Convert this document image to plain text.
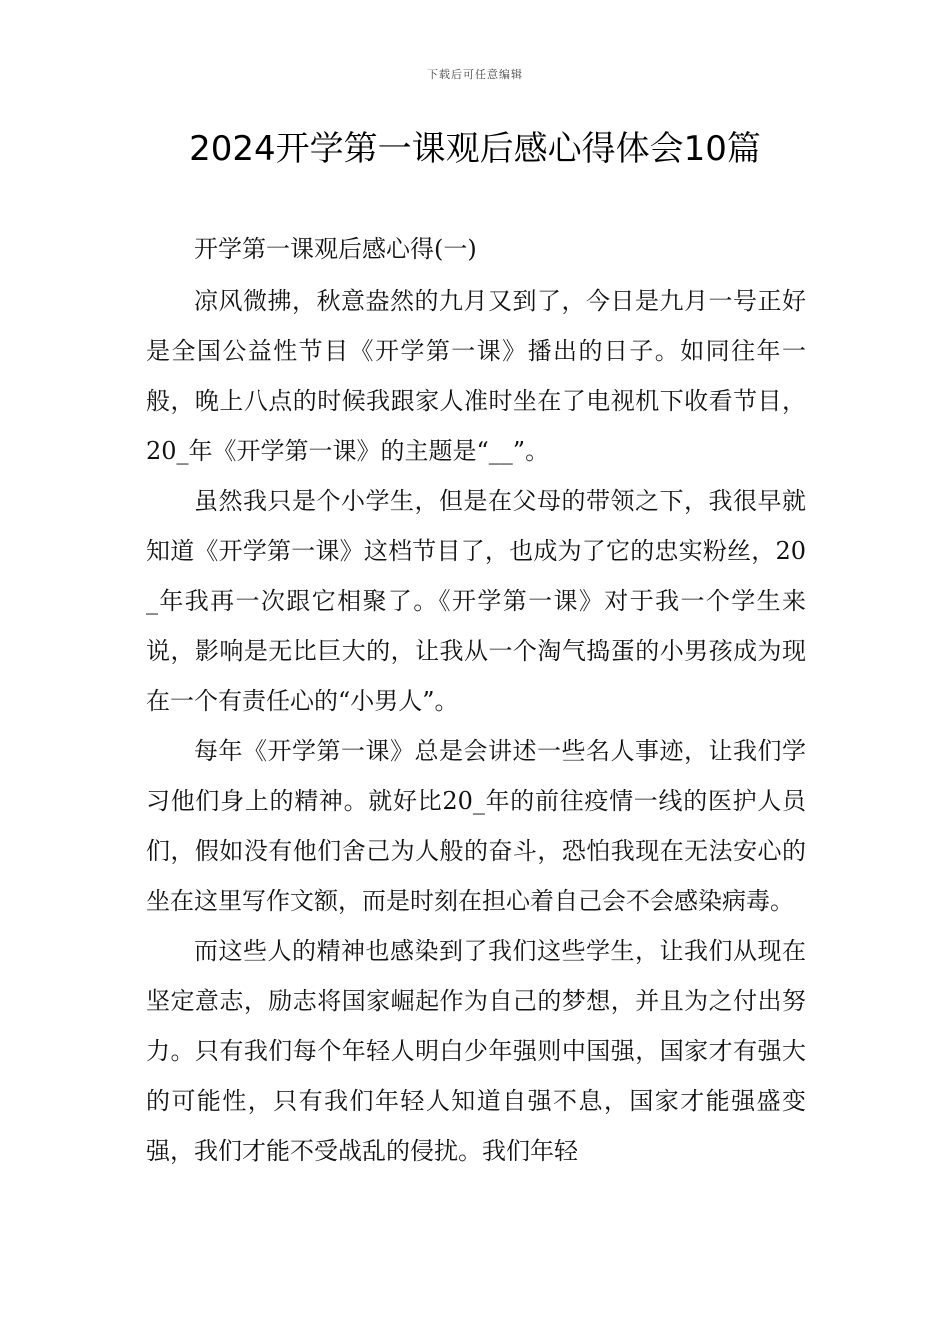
下载后可任意编辑
2024开学第一课观后感心得体会10篇

开学第一课观后感心得(一)

凉风微拂，秋意盎然的九月又到了，今日是九月一号正好是全国公益性节目《开学第一课》播出的日子。如同往年一般，晚上八点的时候我跟家人准时坐在了电视机下收看节目，20_年《开学第一课》的主题是“__”。

虽然我只是个小学生，但是在父母的带领之下，我很早就知道《开学第一课》这档节目了，也成为了它的忠实粉丝，20_年我再一次跟它相聚了。《开学第一课》对于我一个学生来说，影响是无比巨大的，让我从一个淘气捣蛋的小男孩成为现在一个有责任心的“小男人”。

每年《开学第一课》总是会讲述一些名人事迹，让我们学习他们身上的精神。就好比20_年的前往疫情一线的医护人员们，假如没有他们舍己为人般的奋斗，恐怕我现在无法安心的坐在这里写作文额，而是时刻在担心着自己会不会感染病毒。

而这些人的精神也感染到了我们这些学生，让我们从现在坚定意志，励志将国家崛起作为自己的梦想，并且为之付出努力。只有我们每个年轻人明白少年强则中国强，国家才有强大的可能性，只有我们年轻人知道自强不息，国家才能强盛变强，我们才能不受战乱的侵扰。我们年轻
